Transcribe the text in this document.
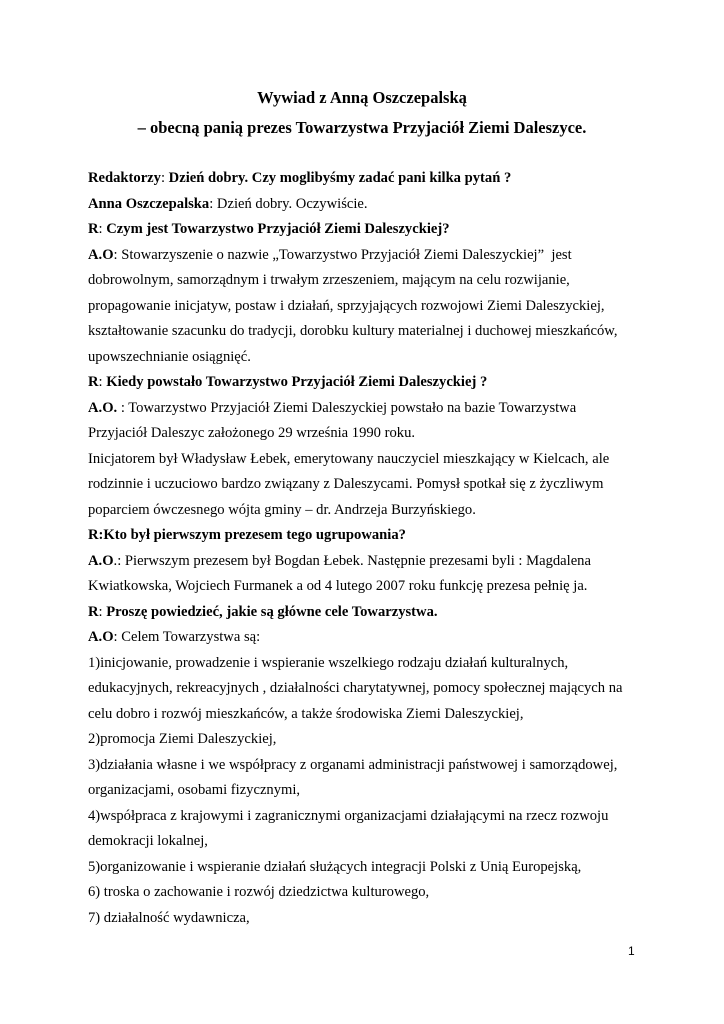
Wywiad z Anną Oszczepalską
– obecną panią prezes Towarzystwa Przyjaciół Ziemi Daleszyce.
Redaktorzy: Dzień dobry. Czy moglibyśmy zadać pani kilka pytań ?
Anna Oszczepalska: Dzień dobry. Oczywiście.
R: Czym jest Towarzystwo Przyjaciół Ziemi Daleszyckiej?
A.O: Stowarzyszenie o nazwie „Towarzystwo Przyjaciół Ziemi Daleszyckiej”  jest
dobrowolnym, samorządnym i trwałym zrzeszeniem, mającym na celu rozwijanie,
propagowanie inicjatyw, postaw i działań, sprzyjających rozwojowi Ziemi Daleszyckiej,
kształtowanie szacunku do tradycji, dorobku kultury materialnej i duchowej mieszkańców,
upowszechnianie osiągnięć.
R: Kiedy powstało Towarzystwo Przyjaciół Ziemi Daleszyckiej ?
A.O. : Towarzystwo Przyjaciół Ziemi Daleszyckiej powstało na bazie Towarzystwa
Przyjaciół Daleszyc założonego 29 września 1990 roku.
Inicjatorem był Władysław Łebek, emerytowany nauczyciel mieszkający w Kielcach, ale
rodzinnie i uczuciowo bardzo związany z Daleszycami. Pomysł spotkał się z życzliwym
poparciem ówczesnego wójta gminy – dr. Andrzeja Burzyńskiego.
R:Kto był pierwszym prezesem tego ugrupowania?
A.O.: Pierwszym prezesem był Bogdan Łebek. Następnie prezesami byli : Magdalena
Kwiatkowska, Wojciech Furmanek a od 4 lutego 2007 roku funkcję prezesa pełnię ja.
R: Proszę powiedzieć, jakie są główne cele Towarzystwa.
A.O: Celem Towarzystwa są:
1)inicjowanie, prowadzenie i wspieranie wszelkiego rodzaju działań kulturalnych,
edukacyjnych, rekreacyjnych , działalności charytatywnej, pomocy społecznej mających na
celu dobro i rozwój mieszkańców, a także środowiska Ziemi Daleszyckiej,
2)promocja Ziemi Daleszyckiej,
3)działania własne i we współpracy z organami administracji państwowej i samorządowej,
organizacjami, osobami fizycznymi,
4)współpraca z krajowymi i zagranicznymi organizacjami działającymi na rzecz rozwoju
demokracji lokalnej,
5)organizowanie i wspieranie działań służących integracji Polski z Unią Europejską,
6) troska o zachowanie i rozwój dziedzictwa kulturowego,
7) działalność wydawnicza,
1
